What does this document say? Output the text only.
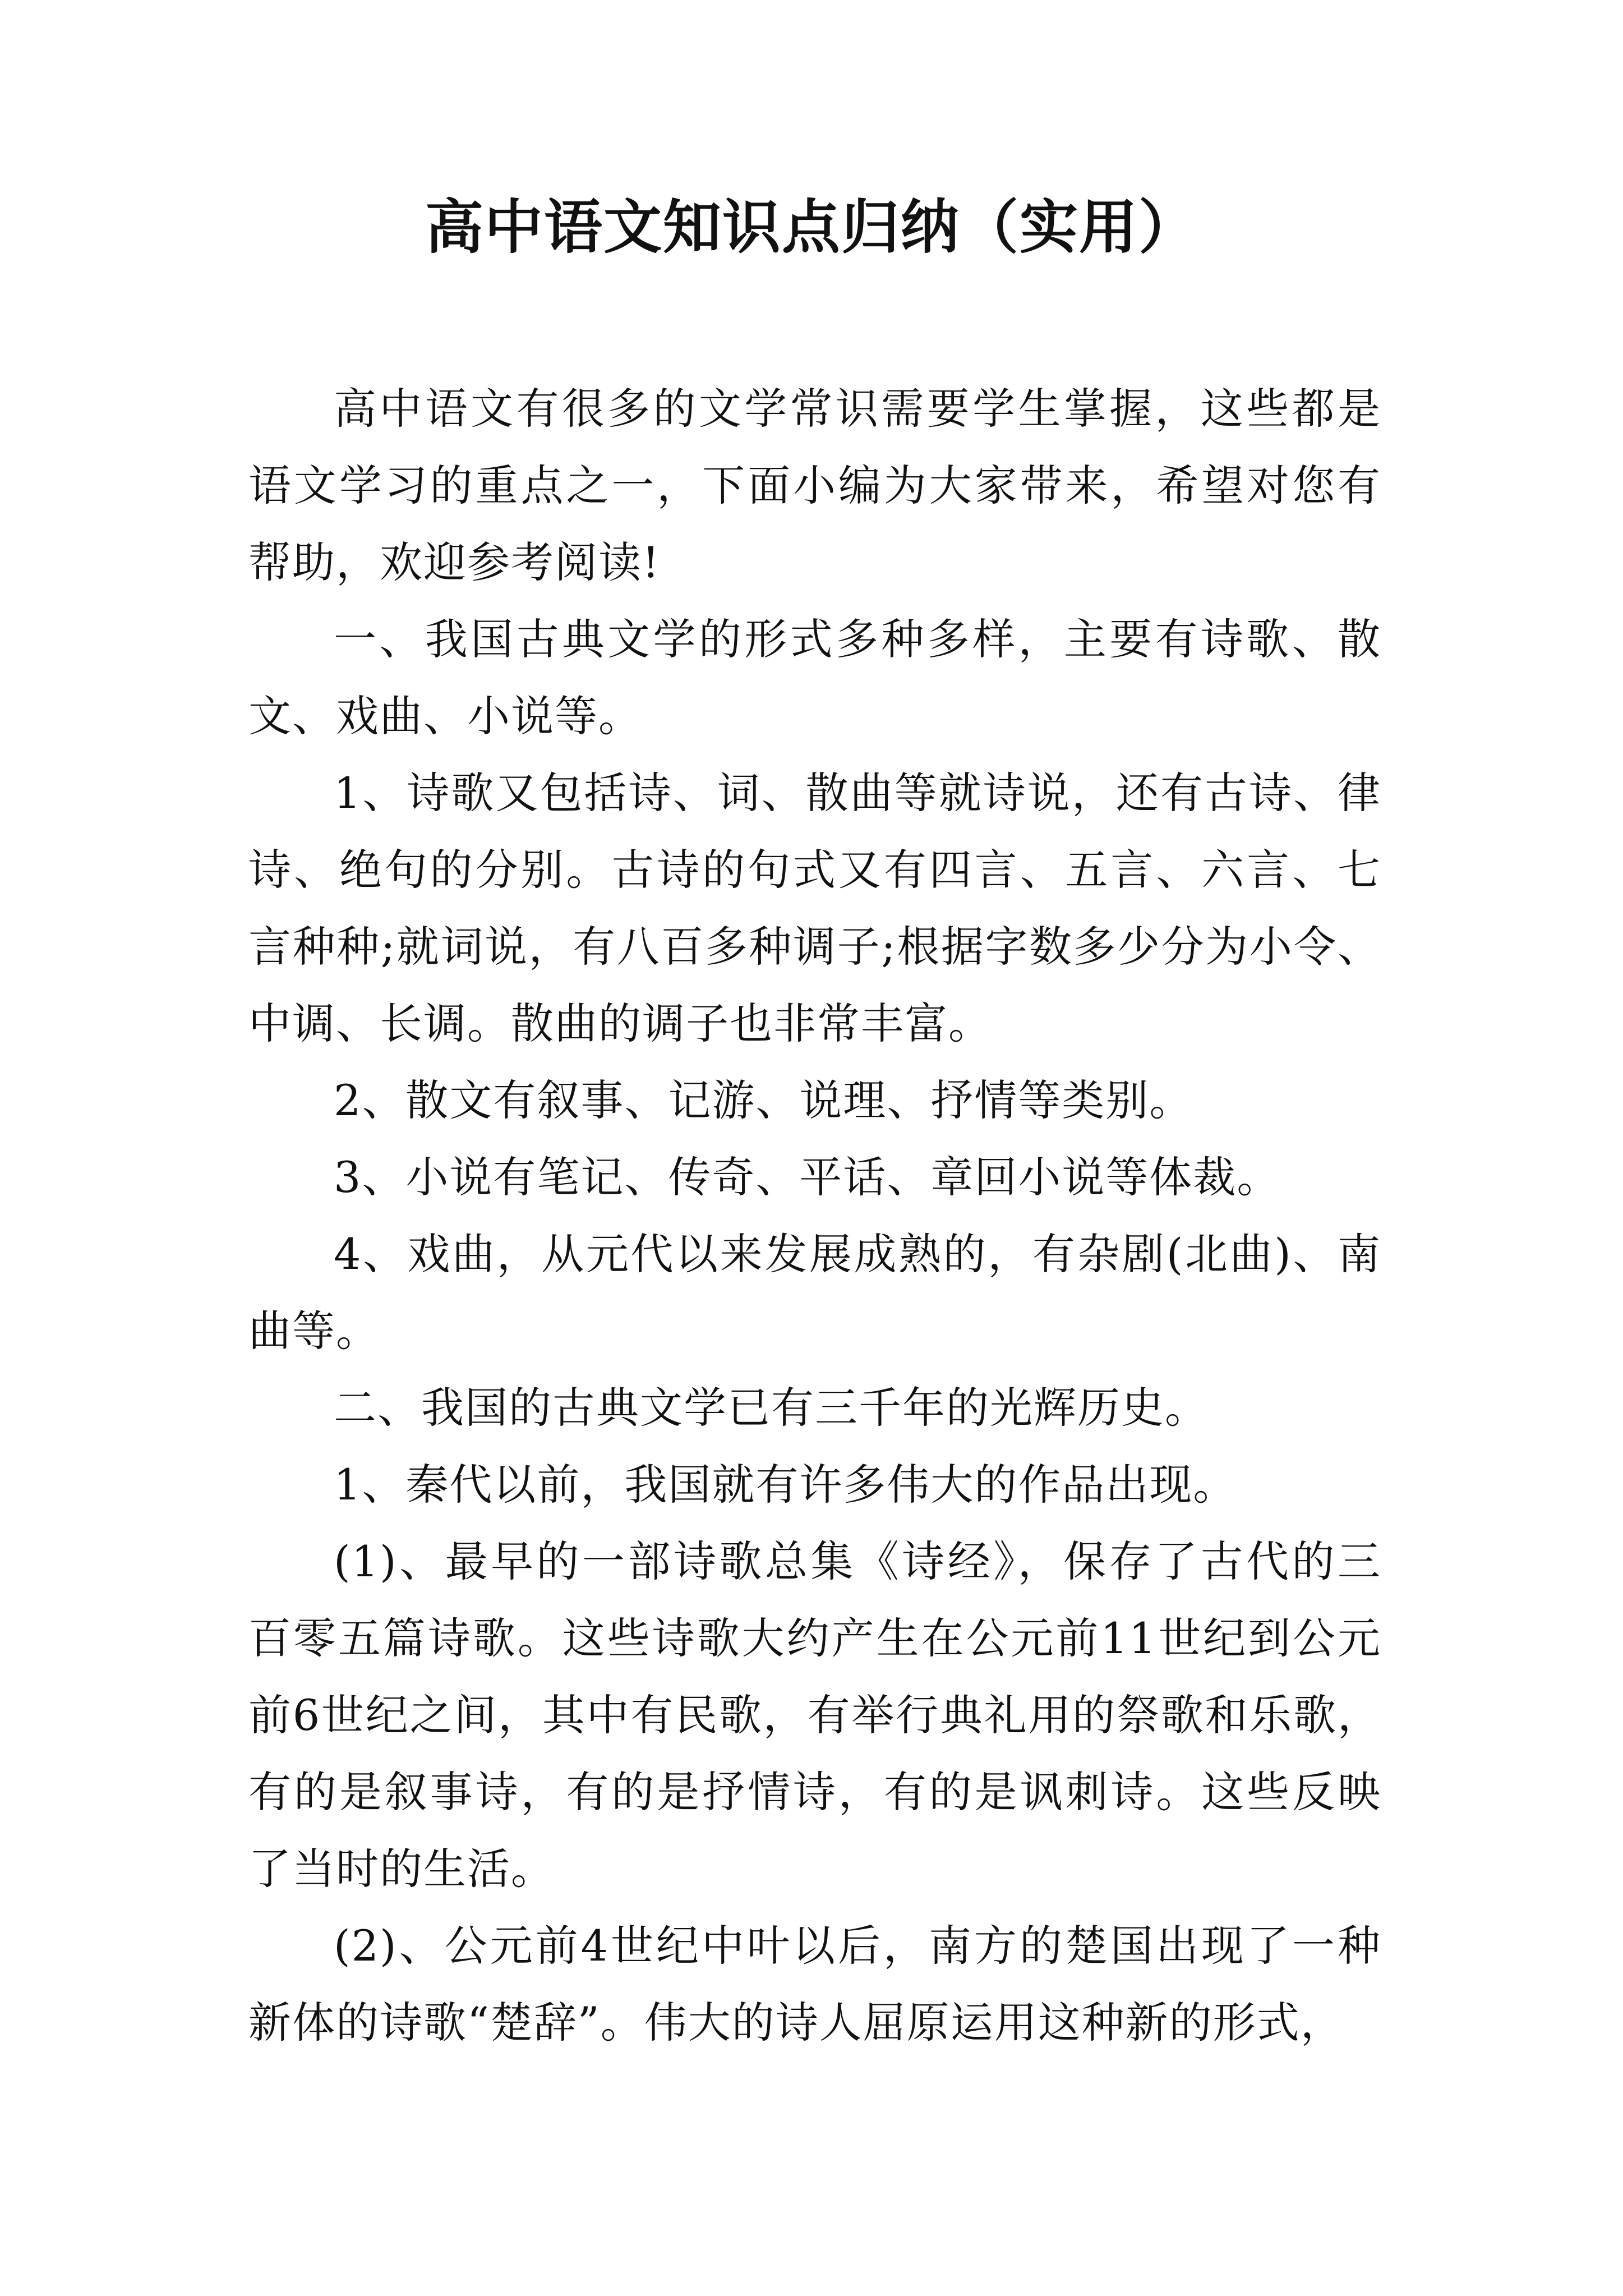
高中语文知识点归纳（实用）

高中语文有很多的文学常识需要学生掌握，这些都是语文学习的重点之一，下面小编为大家带来，希望对您有帮助，欢迎参考阅读!

一、我国古典文学的形式多种多样，主要有诗歌、散文、戏曲、小说等。

1、诗歌又包括诗、词、散曲等就诗说，还有古诗、律诗、绝句的分别。古诗的句式又有四言、五言、六言、七言种种;就词说，有八百多种调子;根据字数多少分为小令、中调、长调。散曲的调子也非常丰富。

2、散文有叙事、记游、说理、抒情等类别。

3、小说有笔记、传奇、平话、章回小说等体裁。

4、戏曲，从元代以来发展成熟的，有杂剧(北曲)、南曲等。

二、我国的古典文学已有三千年的光辉历史。

1、秦代以前，我国就有许多伟大的作品出现。

(1)、最早的一部诗歌总集《诗经》，保存了古代的三百零五篇诗歌。这些诗歌大约产生在公元前11世纪到公元前6世纪之间，其中有民歌，有举行典礼用的祭歌和乐歌，有的是叙事诗，有的是抒情诗，有的是讽刺诗。这些反映了当时的生活。

(2)、公元前4世纪中叶以后，南方的楚国出现了一种新体的诗歌“楚辞”。伟大的诗人屈原运用这种新的形式，
